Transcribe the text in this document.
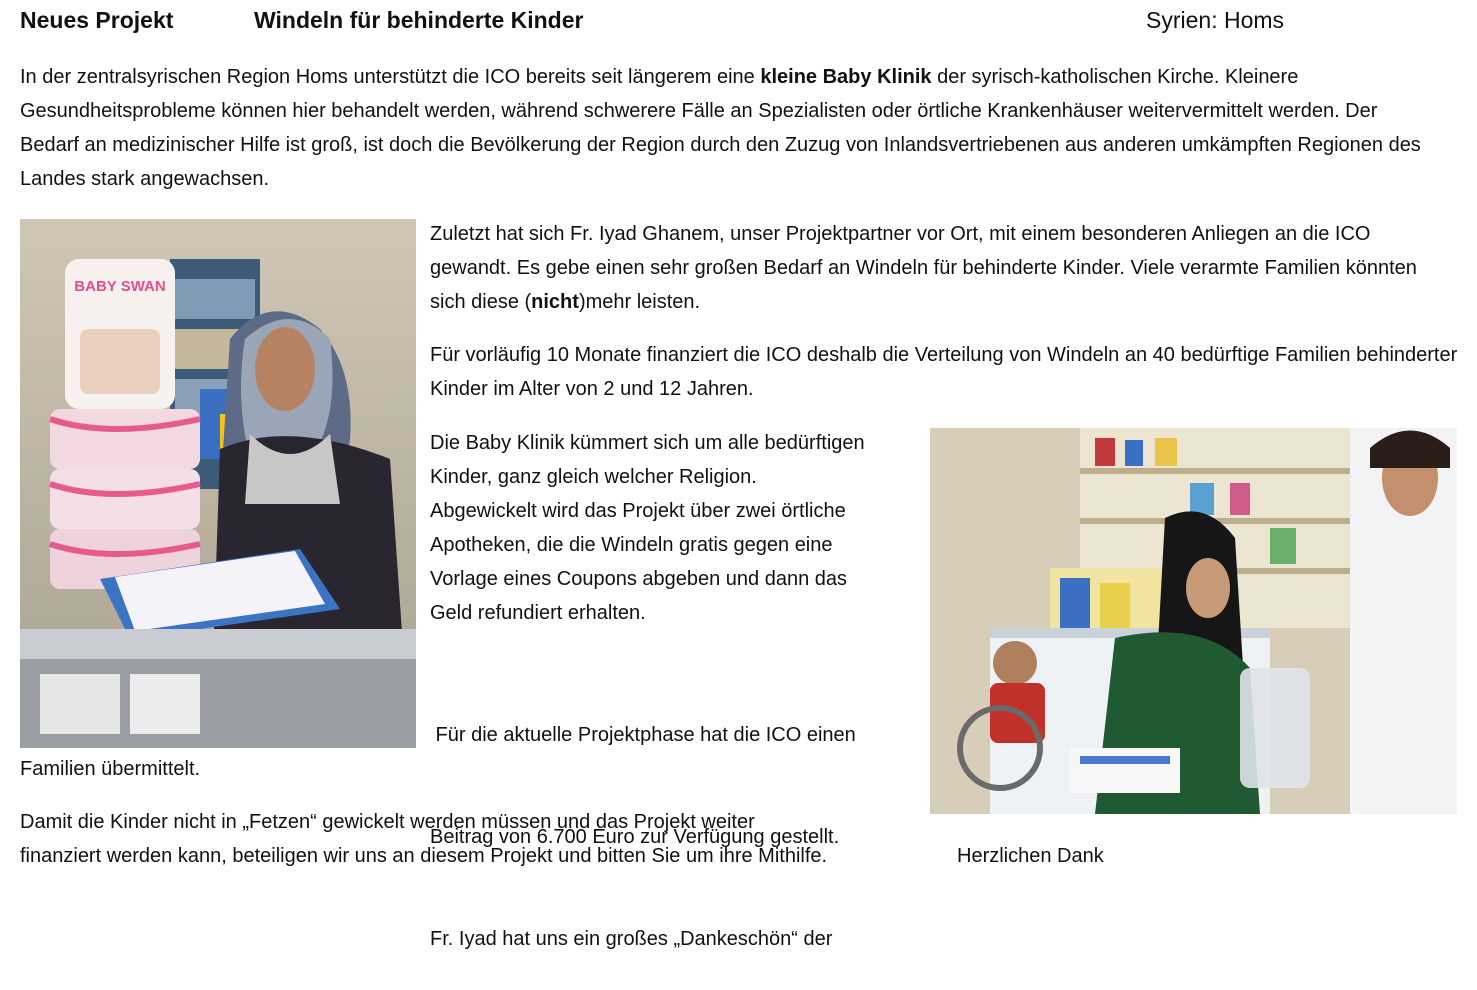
Neues Projekt	Windeln für behinderte Kinder	Syrien: Homs

In der zentralsyrischen Region Homs unterstützt die ICO bereits seit längerem eine kleine Baby Klinik der syrisch-katholischen Kirche. Kleinere Gesundheitsprobleme können hier behandelt werden, während schwerere Fälle an Spezialisten oder örtliche Krankenhäuser weitervermittelt werden. Der Bedarf an medizinischer Hilfe ist groß, ist doch die Bevölkerung der Region durch den Zuzug von Inlandsvertriebenen aus anderen umkämpften Regionen des Landes stark angewachsen.

BABY SWAN

Zuletzt hat sich Fr. Iyad Ghanem, unser Projektpartner vor Ort, mit einem besonderen Anliegen an die ICO gewandt. Es gebe einen sehr großen Bedarf an Windeln für behinderte Kinder. Viele verarmte Familien könnten sich diese (nicht)mehr leisten.

Für vorläufig 10 Monate finanziert die ICO deshalb die Verteilung von Windeln an 40 bedürftige Familien behinderter Kinder im Alter von 2 und 12 Jahren.

Die Baby Klinik kümmert sich um alle bedürftigen
Kinder, ganz gleich welcher Religion.
Abgewickelt wird das Projekt über zwei örtliche
Apotheken, die die Windeln gratis gegen eine
Vorlage eines Coupons abgeben und dann das
Geld refundiert erhalten.

Für die aktuelle Projektphase hat die ICO einen

Beitrag von 6.700 Euro zur Verfügung gestellt.

Fr. Iyad hat uns ein großes „Dankeschön“ der

Familien übermittelt.
Damit die Kinder nicht in „Fetzen“ gewickelt werden müssen und das Projekt weiter
finanziert werden kann, beteiligen wir uns an diesem Projekt und bitten Sie um ihre Mithilfe.	Herzlichen Dank
